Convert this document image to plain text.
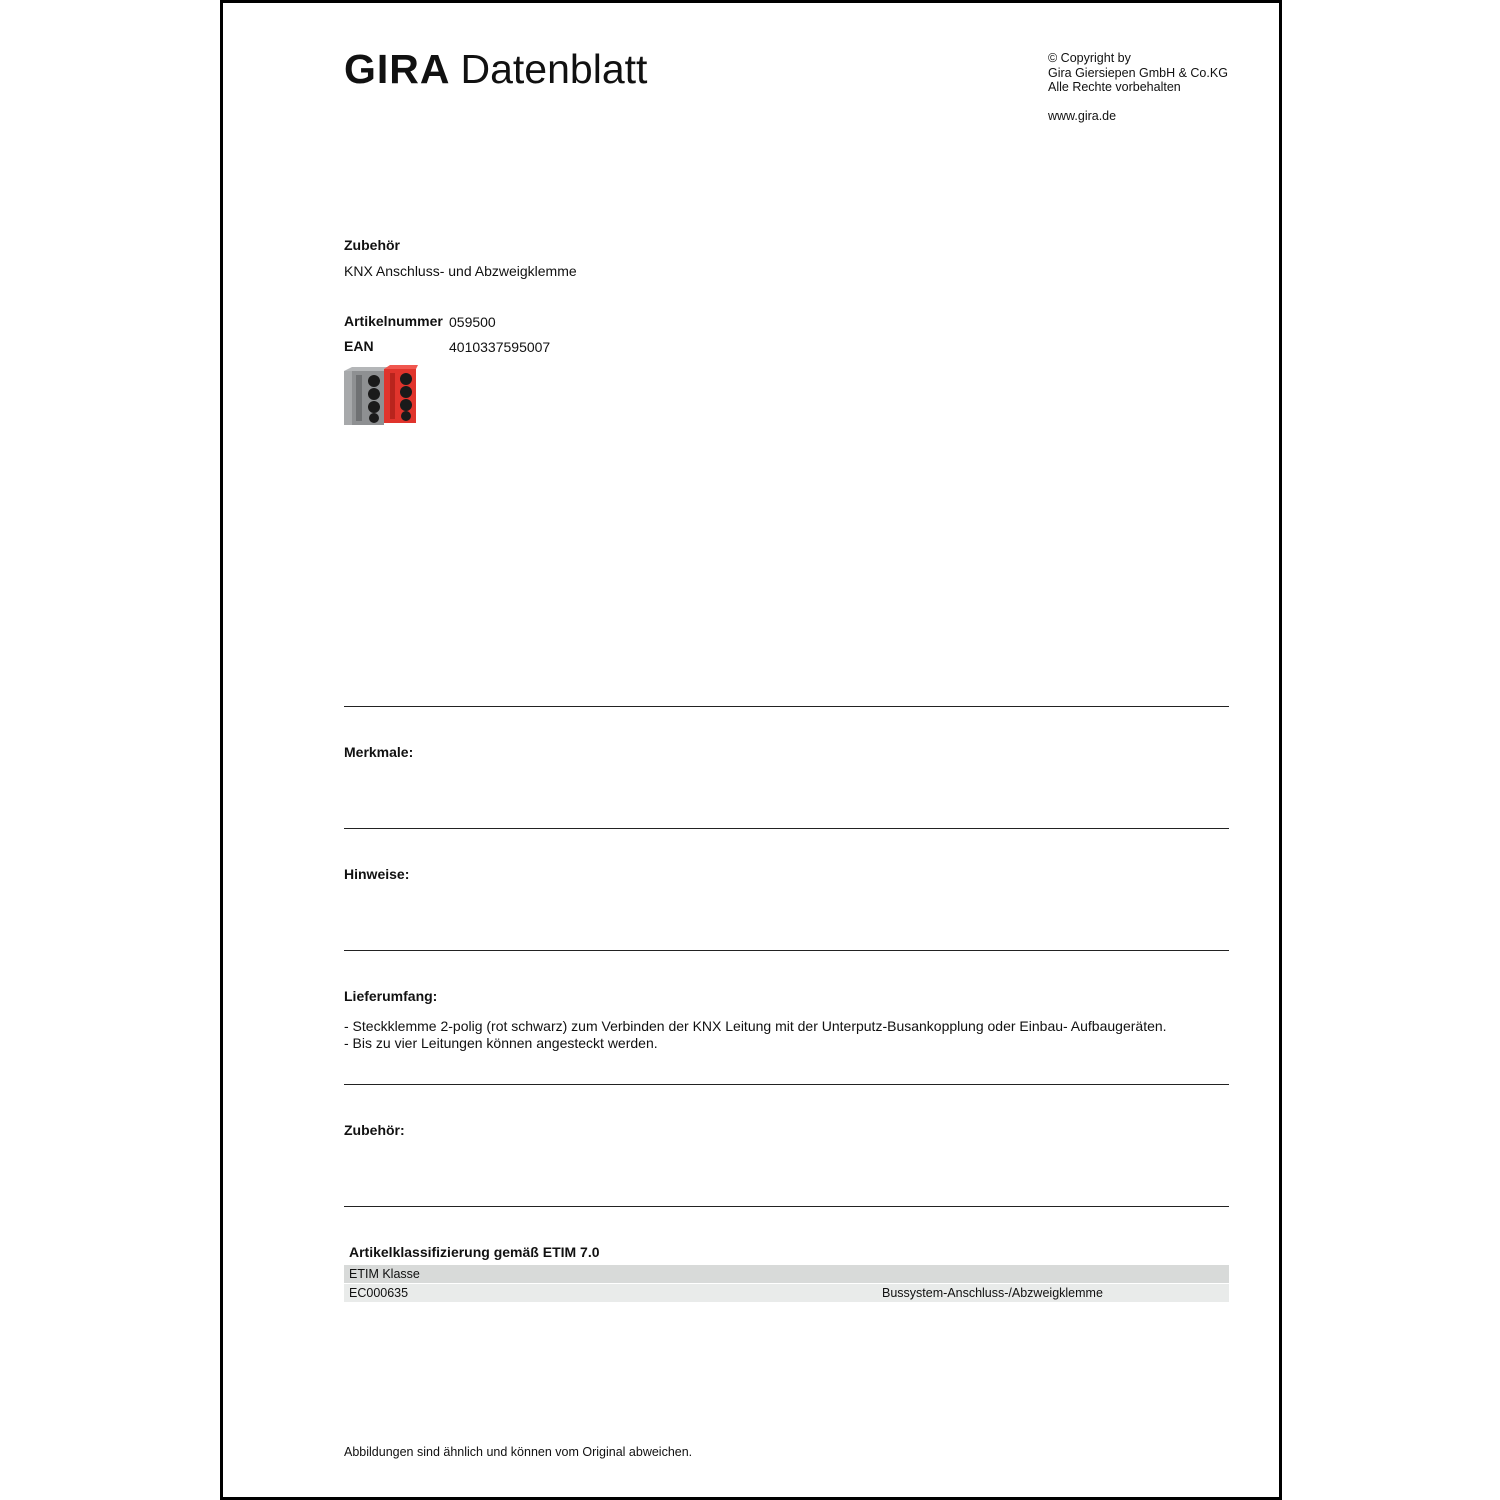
GIRA Datenblatt	© Copyright by
Gira Giersiepen GmbH & Co.KG
Alle Rechte vorbehalten
www.gira.de
Zubehör
KNX Anschluss- und Abzweigklemme
Artikelnummer 059500
EAN	4010337595007
Merkmale:
Hinweise:
Lieferumfang:
- Steckklemme 2-polig (rot schwarz) zum Verbinden der KNX Leitung mit der Unterputz-Busankopplung oder Einbau- Aufbaugeräten.
- Bis zu vier Leitungen können angesteckt werden.
Zubehör:
Artikelklassifizierung gemäß ETIM 7.0
ETIM Klasse
EC000635	Bussystem-Anschluss-/Abzweigklemme
Abbildungen sind ähnlich und können vom Original abweichen.
